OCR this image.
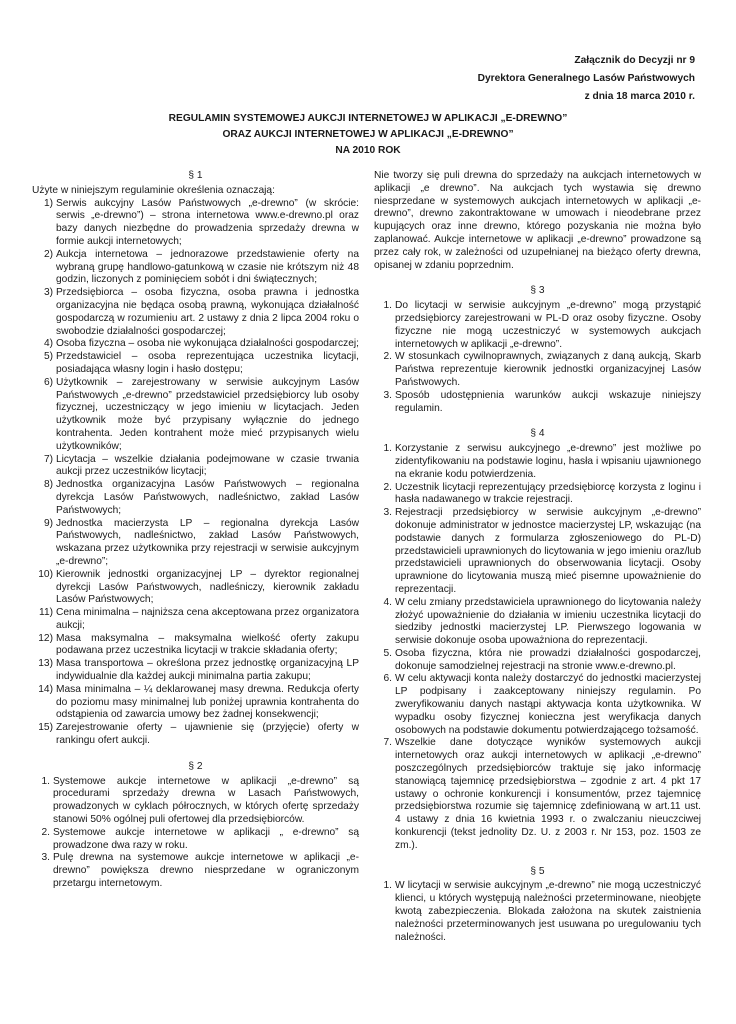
Załącznik do Decyzji nr 9
Dyrektora Generalnego Lasów Państwowych
z dnia 18 marca 2010 r.
REGULAMIN SYSTEMOWEJ AUKCJI INTERNETOWEJ W APLIKACJI „E-DREWNO”
ORAZ AUKCJI INTERNETOWEJ W APLIKACJI „E-DREWNO”
NA 2010 ROK
§ 1

Użyte w niniejszym regulaminie określenia oznaczają:

1) Serwis aukcyjny Lasów Państwowych „e-drewno” (w skrócie: serwis „e-drewno”) – strona internetowa www.e-drewno.pl oraz bazy danych niezbędne do prowadzenia sprzedaży drewna w formie aukcji internetowych;
2) Aukcja internetowa – jednorazowe przedstawienie oferty na wybraną grupę handlowo-gatunkową w czasie nie krótszym niż 48 godzin, liczonych z pominięciem sobót i dni świątecznych;
3) Przedsiębiorca – osoba fizyczna, osoba prawna i jednostka organizacyjna nie będąca osobą prawną, wykonująca działalność gospodarczą w rozumieniu art. 2 ustawy z dnia 2 lipca 2004 roku o swobodzie działalności gospodarczej;
4) Osoba fizyczna – osoba nie wykonująca działalności gospodarczej;
5) Przedstawiciel – osoba reprezentująca uczestnika licytacji, posiadająca własny login i hasło dostępu;
6) Użytkownik – zarejestrowany w serwisie aukcyjnym Lasów Państwowych „e-drewno” przedstawiciel przedsiębiorcy lub osoby fizycznej, uczestniczący w jego imieniu w licytacjach. Jeden użytkownik może być przypisany wyłącznie do jednego kontrahenta. Jeden kontrahent może mieć przypisanych wielu użytkowników;
7) Licytacja – wszelkie działania podejmowane w czasie trwania aukcji przez uczestników licytacji;
8) Jednostka organizacyjna Lasów Państwowych – regionalna dyrekcja Lasów Państwowych, nadleśnictwo, zakład Lasów Państwowych;
9) Jednostka macierzysta LP – regionalna dyrekcja Lasów Państwowych, nadleśnictwo, zakład Lasów Państwowych, wskazana przez użytkownika przy rejestracji w serwisie aukcyjnym „e-drewno”;
10) Kierownik jednostki organizacyjnej LP – dyrektor regionalnej dyrekcji Lasów Państwowych, nadleśniczy, kierownik zakładu Lasów Państwowych;
11) Cena minimalna – najniższa cena akceptowana przez organizatora aukcji;
12) Masa maksymalna – maksymalna wielkość oferty zakupu podawana przez uczestnika licytacji w trakcie składania oferty;
13) Masa transportowa – określona przez jednostkę organizacyjną LP indywidualnie dla każdej aukcji minimalna partia zakupu;
14) Masa minimalna – ¼ deklarowanej masy drewna. Redukcja oferty do poziomu masy minimalnej lub poniżej uprawnia kontrahenta do odstąpienia od zawarcia umowy bez żadnej konsekwencji;
15) Zarejestrowanie oferty – ujawnienie się (przyjęcie) oferty w rankingu ofert aukcji.
§ 2
1. Systemowe aukcje internetowe w aplikacji „e-drewno” są procedurami sprzedaży drewna w Lasach Państwowych, prowadzonych w cyklach półrocznych, w których ofertę sprzedaży stanowi 50% ogólnej puli ofertowej dla przedsiębiorców.
2. Systemowe aukcje internetowe w aplikacji „ e-drewno” są prowadzone dwa razy w roku.
3. Pulę drewna na systemowe aukcje internetowe w aplikacji „e-drewno” powiększa drewno niesprzedane w ograniczonym przetargu internetowym.

Nie tworzy się puli drewna do sprzedaży na aukcjach internetowych w aplikacji „e drewno”. Na aukcjach tych wystawia się drewno niesprzedane w systemowych aukcjach internetowych w aplikacji „e-drewno”, drewno zakontraktowane w umowach i nieodebrane przez kupujących oraz inne drewno, którego pozyskania nie można było zaplanować. Aukcje internetowe w aplikacji „e-drewno” prowadzone są przez cały rok, w zależności od uzupełnianej na bieżąco oferty drewna, opisanej w zdaniu poprzednim.

§ 3
1. Do licytacji w serwisie aukcyjnym „e-drewno” mogą przystąpić przedsiębiorcy zarejestrowani w PL-D oraz osoby fizyczne. Osoby fizyczne nie mogą uczestniczyć w systemowych aukcjach internetowych w aplikacji „e-drewno”.
2. W stosunkach cywilnoprawnych, związanych z daną aukcją, Skarb Państwa reprezentuje kierownik jednostki organizacyjnej Lasów Państwowych.
3. Sposób udostępnienia warunków aukcji wskazuje niniejszy regulamin.
§ 4
1. Korzystanie z serwisu aukcyjnego „e-drewno” jest możliwe po zidentyfikowaniu na podstawie loginu, hasła i wpisaniu ujawnionego na ekranie kodu potwierdzenia.
2. Uczestnik licytacji reprezentujący przedsiębiorcę korzysta z loginu i hasła nadawanego w trakcie rejestracji.
3. Rejestracji przedsiębiorcy w serwisie aukcyjnym „e-drewno” dokonuje administrator w jednostce macierzystej LP, wskazując (na podstawie danych z formularza zgłoszeniowego do PL-D) przedstawicieli uprawnionych do licytowania w jego imieniu oraz/lub przedstawicieli uprawnionych do obserwowania licytacji. Osoby uprawnione do licytowania muszą mieć pisemne upoważnienie do reprezentacji.
4. W celu zmiany przedstawiciela uprawnionego do licytowania należy złożyć upoważnienie do działania w imieniu uczestnika licytacji do siedziby jednostki macierzystej LP. Pierwszego logowania w serwisie dokonuje osoba upoważniona do reprezentacji.
5. Osoba fizyczna, która nie prowadzi działalności gospodarczej, dokonuje samodzielnej rejestracji na stronie www.e-drewno.pl.
6. W celu aktywacji konta należy dostarczyć do jednostki macierzystej LP podpisany i zaakceptowany niniejszy regulamin. Po zweryfikowaniu danych nastąpi aktywacja konta użytkownika. W wypadku osoby fizycznej konieczna jest weryfikacja danych osobowych na podstawie dokumentu potwierdzającego tożsamość.
7. Wszelkie dane dotyczące wyników systemowych aukcji internetowych oraz aukcji internetowych w aplikacji „e-drewno” poszczególnych przedsiębiorców traktuje się jako informację stanowiącą tajemnicę przedsiębiorstwa – zgodnie z art. 4 pkt 17 ustawy o ochronie konkurencji i konsumentów, przez tajemnicę przedsiębiorstwa rozumie się tajemnicę zdefiniowaną w art.11 ust. 4 ustawy z dnia 16 kwietnia 1993 r. o zwalczaniu nieuczciwej konkurencji (tekst jednolity Dz. U. z 2003 r. Nr 153, poz. 1503 ze zm.).
§ 5
1. W licytacji w serwisie aukcyjnym „e-drewno” nie mogą uczestniczyć klienci, u których występują należności przeterminowane, nieobjęte kwotą zabezpieczenia. Blokada założona na skutek zaistnienia należności przeterminowanych jest usuwana po uregulowaniu tych należności.
